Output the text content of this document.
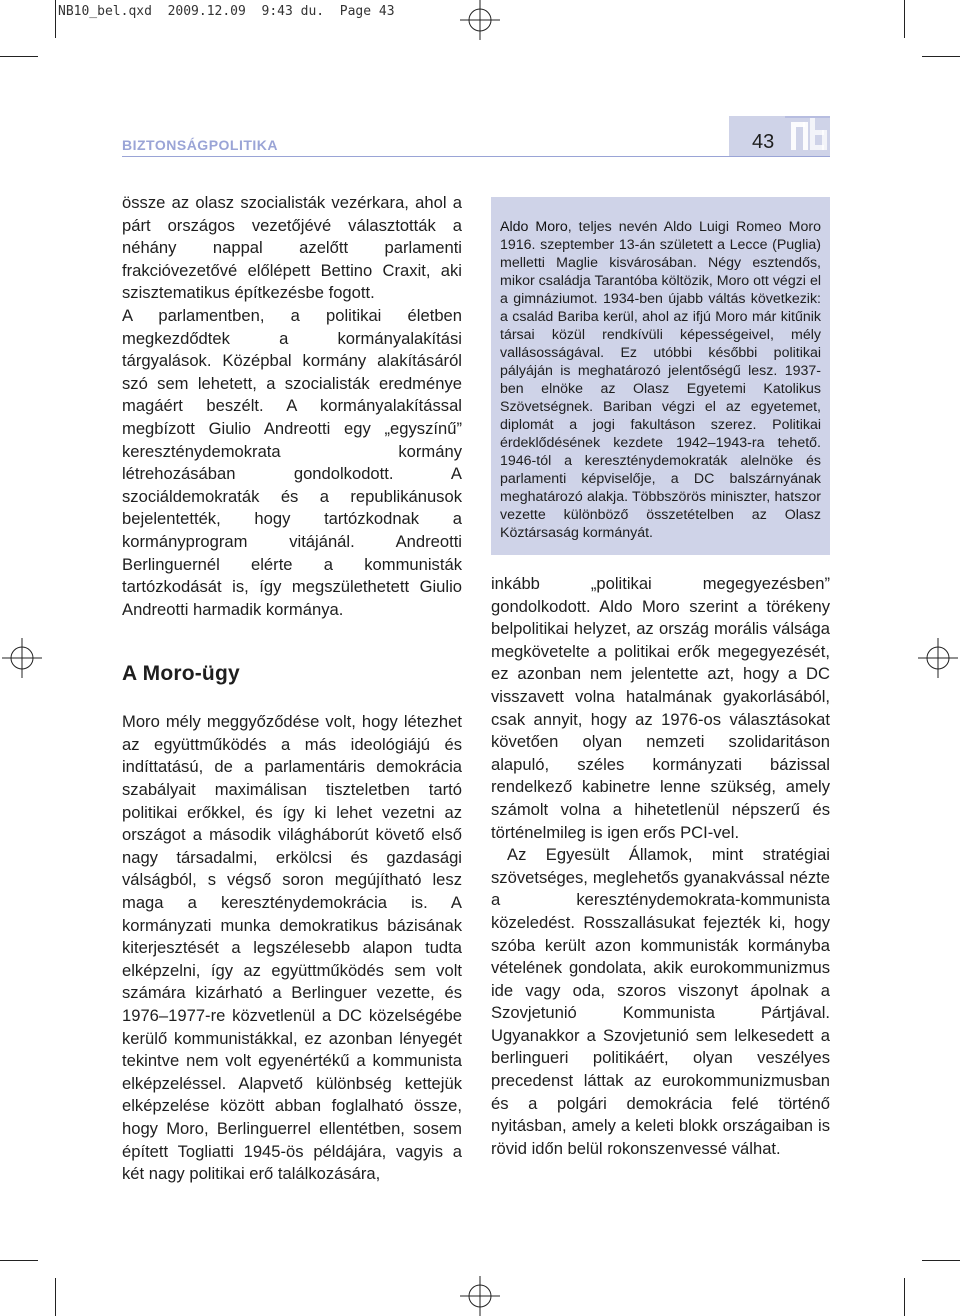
NB10_bel.qxd  2009.12.09  9:43 du.  Page 43
BIZTONSÁGPOLITIKA	43

össze az olasz szocialisták vezérkara, ahol a párt országos vezetőjévé választották a néhány nappal azelőtt parlamenti frakcióvezetővé előlépett Bettino Craxit, aki szisztematikus építkezésbe fogott.

A parlamentben, a politikai életben megkezdődtek a kormányalakítási tárgyalások. Középbal kormány alakításáról szó sem lehetett, a szocialisták eredménye magáért beszélt. A kormányalakítással megbízott Giulio Andreotti egy „egyszínű” kereszténydemokrata kormány létrehozásában gondolkodott. A szociáldemokraták és a republikánusok bejelentették, hogy tartózkodnak a kormányprogram vitájánál. Andreotti Berlinguernél elérte a kommunisták tartózkodását is, így megszülethetett Giulio Andreotti harmadik kormánya.

A Moro-ügy

Moro mély meggyőződése volt, hogy létezhet az együttműködés a más ideológiájú és indíttatású, de a parlamentáris demokrácia szabályait maximálisan tiszteletben tartó politikai erőkkel, és így ki lehet vezetni az országot a második világháborút követő első nagy társadalmi, erkölcsi és gazdasági válságból, s végső soron megújítható lesz maga a kereszténydemokrácia is. A kormányzati munka demokratikus bázisának kiterjesztését a legszélesebb alapon tudta elképzelni, így az együttműködés sem volt számára kizárható a Berlinguer vezette, és 1976–1977-re közvetlenül a DC közelségébe kerülő kommunistákkal, ez azonban lényegét tekintve nem volt egyenértékű a kommunista elképzeléssel. Alapvető különbség kettejük elképzelése között abban foglalható össze, hogy Moro, Berlinguerrel ellentétben, sosem épített Togliatti 1945-ös példájára, vagyis a két nagy politikai erő találkozására,

Aldo Moro, teljes nevén Aldo Luigi Romeo Moro 1916. szeptember 13-án született a Lecce (Puglia) melletti Maglie kisvárosában. Négy esztendős, mikor családja Tarantóba költözik, Moro ott végzi el a gimnáziumot. 1934-ben újabb váltás következik: a család Bariba kerül, ahol az ifjú Moro már kitűnik társai közül rendkívüli képességeivel, mély vallásosságával. Ez utóbbi későbbi politikai pályáján is meghatározó jelentőségű lesz. 1937-ben elnöke az Olasz Egyetemi Katolikus Szövetségnek. Bariban végzi el az egyetemet, diplomát a jogi fakultáson szerez. Politikai érdeklődésének kezdete 1942–1943-ra tehető. 1946-tól a kereszténydemokraták alelnöke és parlamenti képviselője, a DC balszárnyának meghatározó alakja. Többszörös miniszter, hatszor vezette különböző összetételben az Olasz Köztársaság kormányát.

inkább „politikai megegyezésben” gondolkodott. Aldo Moro szerint a törékeny belpolitikai helyzet, az ország morális válsága megkövetelte a politikai erők megegyezését, ez azonban nem jelentette azt, hogy a DC visszavett volna hatalmának gyakorlásából, csak annyit, hogy az 1976-os választásokat követően olyan nemzeti szolidaritáson alapuló, széles kormányzati bázissal rendelkező kabinetre lenne szükség, amely számolt volna a hihetetlenül népszerű és történelmileg is igen erős PCI-vel.

Az Egyesült Államok, mint stratégiai szövetséges, meglehetős gyanakvással nézte a kereszténydemokrata-kommunista közeledést. Rosszallásukat fejezték ki, hogy szóba került azon kommunisták kormányba vételének gondolata, akik eurokommunizmus ide vagy oda, szoros viszonyt ápolnak a Szovjetunió Kommunista Pártjával. Ugyanakkor a Szovjetunió sem lelkesedett a berlingueri politikáért, olyan veszélyes precedenst láttak az eurokommunizmusban és a polgári demokrácia felé történő nyitásban, amely a keleti blokk országaiban is rövid időn belül rokonszenvessé válhat.
